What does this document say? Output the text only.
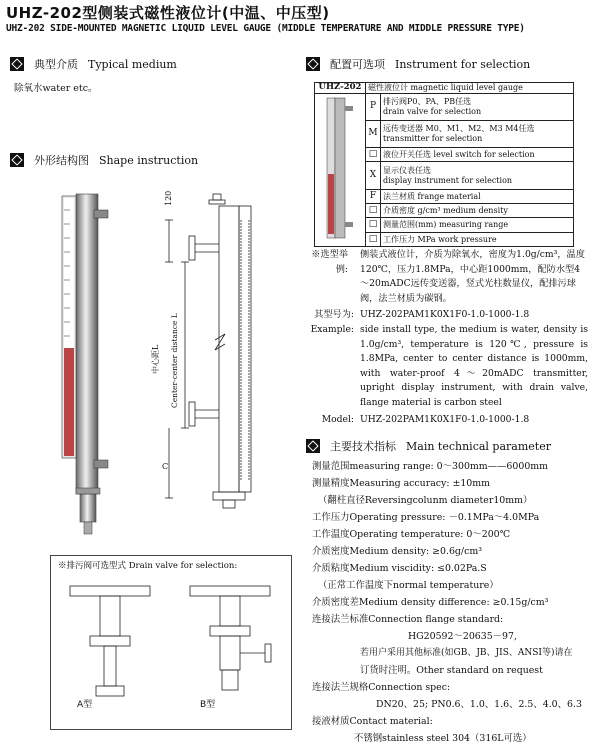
UHZ-202型侧装式磁性液位计(中温、中压型)
UHZ-202 SIDE-MOUNTED MAGNETIC LIQUID LEVEL GAUGE (MIDDLE TEMPERATURE AND MIDDLE PRESSURE TYPE)
典型介质 Typical medium
除氧水water etc。
外形结构图 Shape instruction
120
中心距L Center-center distance L
C
※排污阀可选型式 Drain valve for selection:
A型	B型
配置可选项 Instrument for selection
UHZ-202	磁性液位计 magnetic liquid level gauge	
	P	排污阀P0、PA、PB任选
drain valve for selection

	M	远传变送器 M0、M1、M2、M3 M4任选
transmitter for selection

	□	液位开关任选 level switch for selection

	X	显示仪表任选
display instrument for selection

	F	法兰材质 frange material

	□	介质密度 g/cm³ medium density

	□	测量范围(mm) measuring range

	□	工作压力 MPa work pressure
※选型举例:
侧装式液位计，介质为除氧水，密度为1.0g/cm³，温度120℃，压力1.8MPa，中心距1000mm，配防水型4～20mADC远传变送器，竖式光柱数显仪，配排污球阀，法兰材质为碳钢。
其型号为: UHZ-202PAM1K0X1F0-1.0-1000-1.8
Example: side install type, the medium is water, density is 1.0g/cm³, temperature is 120℃, pressure is 1.8MPa, center to center distance is 1000mm, with water-proof 4～20mADC transmitter, upright display instrument, with drain valve, flange material is carbon steel
Model: UHZ-202PAM1K0X1F0-1.0-1000-1.8
主要技术指标 Main technical parameter
测量范围measuring range: 0～300mm——6000mm
测量精度Measuring accuracy: ±10mm
（翻柱直径Reversingcolunm diameter10mm）
工作压力Operating pressure: －0.1MPa～4.0MPa
工作温度Operating temperature: 0～200℃
介质密度Medium density: ≥0.6g/cm³
介质粘度Medium viscidity: ≤0.02Pa.S
（正常工作温度下normal temperature）
介质密度差Medium density difference: ≥0.15g/cm³
连接法兰标准Connection flange standard:
HG20592～20635－97,
若用户采用其他标准(如GB、JB、JIS、ANSI等)请在
订货时注明。Other standard on request
连接法兰规格Connection spec:
DN20、25; PN0.6、1.0、1.6、2.5、4.0、6.3
接液材质Contact material:
不锈钢stainless steel 304（316L可选）
